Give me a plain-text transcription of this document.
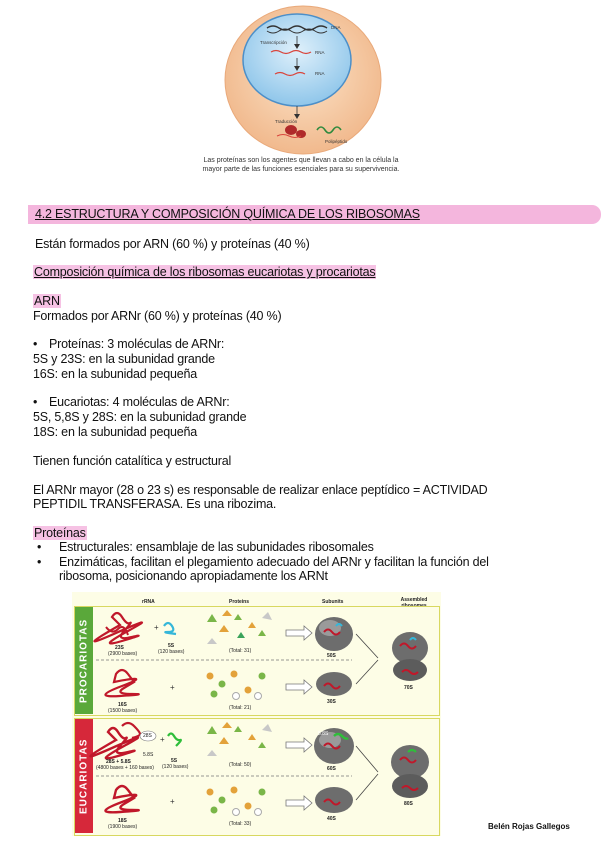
DNA
Transcripción
RNA
RNA
Traducción
Polipéptido
Las proteínas son los agentes que llevan a cabo en la célula la mayor parte de las funciones esenciales para su supervivencia.
4.2 ESTRUCTURA Y COMPOSICIÓN QUÍMICA DE LOS RIBOSOMAS
Están formados por ARN (60 %) y proteínas (40 %)
Composición química de los ribosomas eucariotas y procariotas
ARN
Formados por ARNr (60 %) y proteínas (40 %)
• Proteínas: 3 moléculas de ARNr:
5S y 23S: en la subunidad grande
16S: en la subunidad pequeña
• Eucariotas: 4 moléculas de ARNr:
5S, 5,8S y 28S: en la subunidad grande
18S: en la subunidad pequeña
Tienen función catalítica y estructural
El ARNr mayor (28 o 23 s) es responsable de realizar enlace peptídico = ACTIVIDAD
PEPTIDIL TRANSFERASA. Es una ribozima.
Proteínas
• Estructurales: ensamblaje de las subunidades ribosomales
• Enzimáticas, facilitan el plegamiento adecuado del ARNr y facilitan la función del
ribosoma, posicionando apropiadamente los ARNt
rRNA	Proteins	Subunits	Assembled ribosomes
PROCARIOTAS
EUCARIOTAS
+
+
+
+
23S
(2900 bases)
5S
(120 bases)	(Total: 31)
50S
16S
(1500 bases)	(Total: 21)
30S
70S
28S
5.8S
28S + 5.8S
(4800 bases + 160 bases)
5S
(120 bases)	(Total: 50)
5.8S
60S
18S
(1900 bases)	(Total: 33)
40S
80S
Belén Rojas Gallegos
